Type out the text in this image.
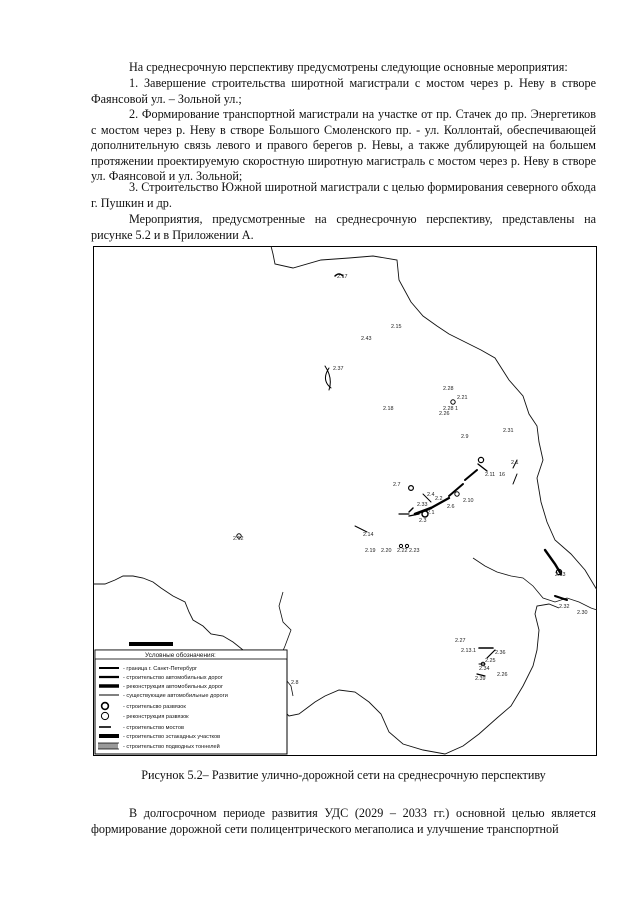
На среднесрочную перспективу предусмотрены следующие основные мероприятия:

1. Завершение строительства широтной магистрали с мостом через р. Неву в створе Фаянсовой ул. – Зольной ул.;

2. Формирование транспортной магистрали на участке от пр. Стачек до пр. Энергетиков с мостом через р. Неву в створе Большого Смоленского пр. - ул. Коллонтай, обеспечивающей дополнительную связь левого и правого берегов р. Невы, а также дублирующей на большем протяжении проектируемую скоростную широтную магистраль с мостом через р. Неву в створе ул. Фаянсовой и ул. Зольной;

3. Строительство Южной широтной магистрали с целью формирования северного обхода г. Пушкин и др.

Мероприятия, предусмотренные на среднесрочную перспективу, представлены на рисунке 5.2 и в Приложении А.

2.17
2.15
2.43
2.37
2.28
2.21
2.28 1
2.26
2.18
2.31
2.9
2.1
2.11 16
2.7
2.4
2.2	2.10
2.6
2.33
2.1
2.3
2.14
2.12
2.19 2.20 2.22 2.23
2.13
2.32
2.30
2.27
2.13.1	2.36
2.25
2.34
2.39
2.26
2.8
Условные обозначения:
- граница г. Санкт-Петербург
- строительство автомобильных дорог
- реконструкция автомобильных дорог
- существующие автомобильные дороги
- строительсво развязок
- реконструкция развязок
- строительство мостов
- строительство эстакадных участков
- строительство подводных тоннелей

Рисунок 5.2– Развитие улично-дорожной сети на среднесрочную перспективу

В долгосрочном периоде развития УДС (2029 – 2033 гг.) основной целью является формирование дорожной сети полицентрического мегаполиса и улучшение транспортной
